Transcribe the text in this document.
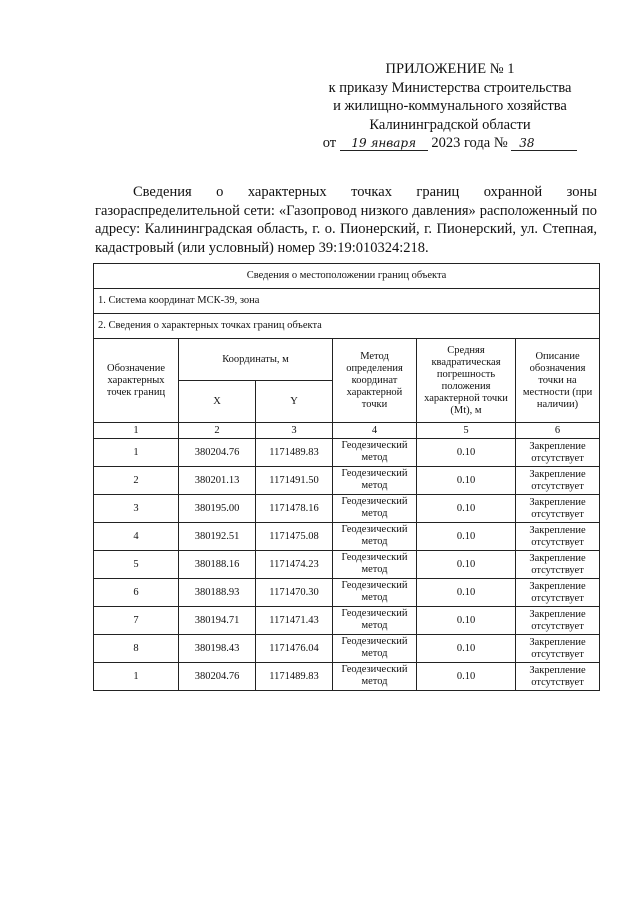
ПРИЛОЖЕНИЕ № 1
к приказу Министерства строительства
и жилищно-коммунального хозяйства
Калининградской области
от 19 января 2023 года № 38

Сведения о характерных точках границ охранной зоны газораспределительной сети: «Газопровод низкого давления» расположенный по адресу: Калининградская область, г. о. Пионерский, г. Пионерский, ул. Степная, кадастровый (или условный) номер 39:19:010324:218.

Сведения о местоположении границ объекта					
1. Система координат МСК-39, зона					
2. Сведения о характерных точках границ объекта					
Обозначение характерных точек границ	Координаты, м		Метод определения координат характерной точки	Средняя квадратическая погрешность положения характерной точки (Mt), м	Описание обозначения точки на местности (при наличии)
	X	Y			
1	2	3	4	5	6
1	380204.76	1171489.83	Геодезический метод	0.10	Закрепление отсутствует
2	380201.13	1171491.50	Геодезический метод	0.10	Закрепление отсутствует
3	380195.00	1171478.16	Геодезический метод	0.10	Закрепление отсутствует
4	380192.51	1171475.08	Геодезический метод	0.10	Закрепление отсутствует
5	380188.16	1171474.23	Геодезический метод	0.10	Закрепление отсутствует
6	380188.93	1171470.30	Геодезический метод	0.10	Закрепление отсутствует
7	380194.71	1171471.43	Геодезический метод	0.10	Закрепление отсутствует
8	380198.43	1171476.04	Геодезический метод	0.10	Закрепление отсутствует
1	380204.76	1171489.83	Геодезический метод	0.10	Закрепление отсутствует
